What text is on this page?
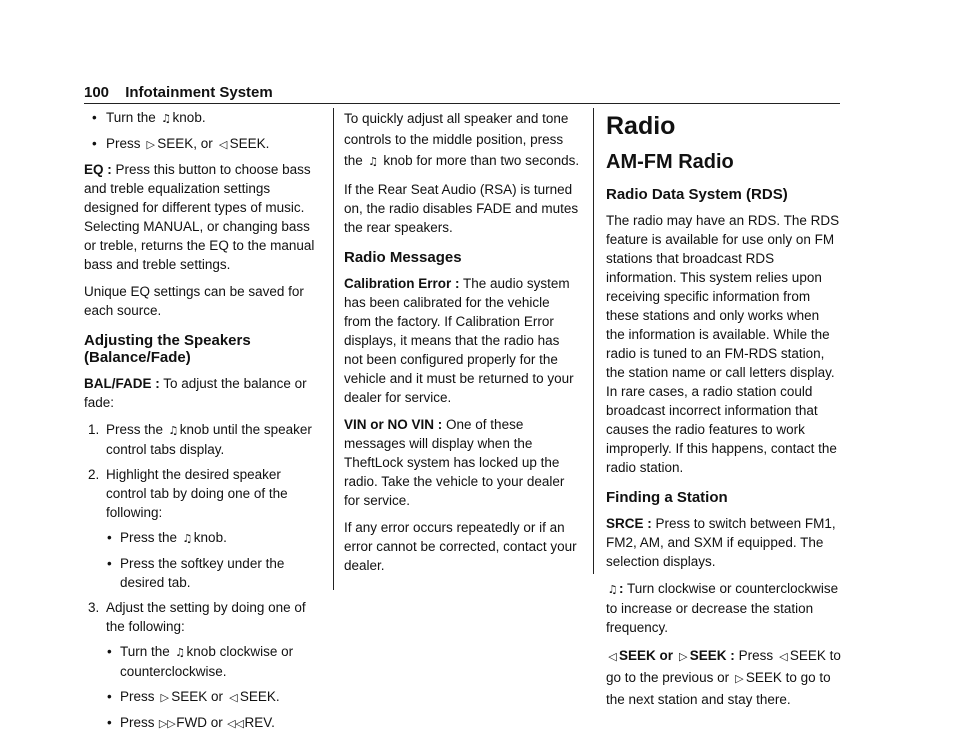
100 Infotainment System
• Turn the ♫ knob.
• Press ▷ SEEK, or ◁ SEEK.

EQ : Press this button to choose bass and treble equalization settings designed for different types of music. Selecting MANUAL, or changing bass or treble, returns the EQ to the manual bass and treble settings.

Unique EQ settings can be saved for each source.

Adjusting the Speakers (Balance/Fade)

BAL/FADE : To adjust the balance or fade:

1. Press the ♫ knob until the speaker control tabs display.
2. Highlight the desired speaker control tab by doing one of the following:
• Press the ♫ knob.
• Press the softkey under the desired tab.
3. Adjust the setting by doing one of the following:
• Turn the ♫ knob clockwise or counterclockwise.
• Press ▷ SEEK or ◁ SEEK.
• Press ▷▷FWD or ◁◁REV.

To quickly adjust all speaker and tone controls to the middle position, press the ♫ knob for more than two seconds.

If the Rear Seat Audio (RSA) is turned on, the radio disables FADE and mutes the rear speakers.

Radio Messages

Calibration Error : The audio system has been calibrated for the vehicle from the factory. If Calibration Error displays, it means that the radio has not been configured properly for the vehicle and it must be returned to your dealer for service.

VIN or NO VIN : One of these messages will display when the TheftLock system has locked up the radio. Take the vehicle to your dealer for service.

If any error occurs repeatedly or if an error cannot be corrected, contact your dealer.

Radio
AM-FM Radio
Radio Data System (RDS)

The radio may have an RDS. The RDS feature is available for use only on FM stations that broadcast RDS information. This system relies upon receiving specific information from these stations and only works when the information is available. While the radio is tuned to an FM-RDS station, the station name or call letters display. In rare cases, a radio station could broadcast incorrect information that causes the radio features to work improperly. If this happens, contact the radio station.

Finding a Station

SRCE : Press to switch between FM1, FM2, AM, and SXM if equipped. The selection displays.

♫ : Turn clockwise or counterclockwise to increase or decrease the station frequency.

◁ SEEK or ▷ SEEK : Press ◁ SEEK to go to the previous or ▷ SEEK to go to the next station and stay there.
